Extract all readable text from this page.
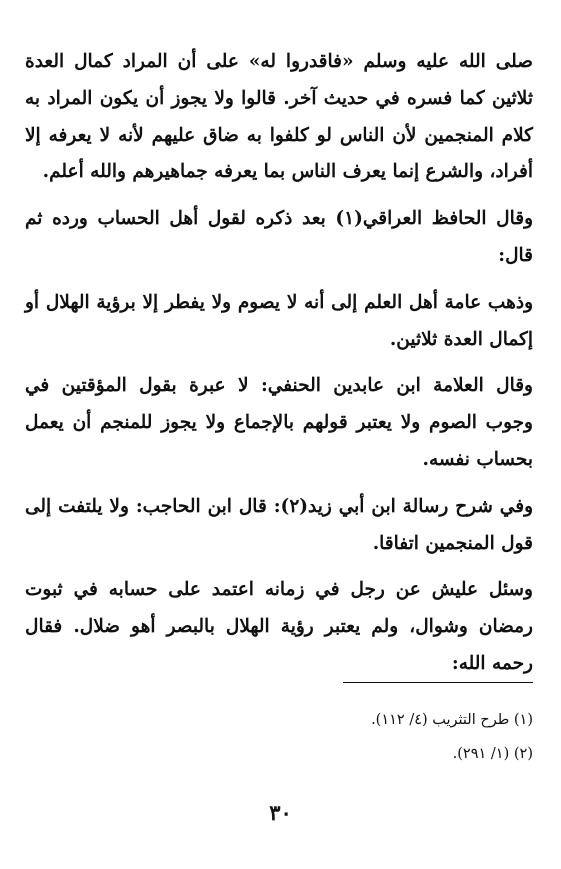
صلى الله عليه وسلم «فاقدروا له» على أن المراد كمال العدة ثلاثين كما فسره في حديث آخر. قالوا ولا يجوز أن يكون المراد به كلام المنجمين لأن الناس لو كلفوا به ضاق عليهم لأنه لا يعرفه إلا أفراد، والشرع إنما يعرف الناس بما يعرفه جماهيرهم والله أعلم.

وقال الحافظ العراقي(١) بعد ذكره لقول أهل الحساب ورده ثم قال:

وذهب عامة أهل العلم إلى أنه لا يصوم ولا يفطر إلا برؤية الهلال أو إكمال العدة ثلاثين.

وقال العلامة ابن عابدين الحنفي: لا عبرة بقول المؤقتين في وجوب الصوم ولا يعتبر قولهم بالإجماع ولا يجوز للمنجم أن يعمل بحساب نفسه.

وفي شرح رسالة ابن أبي زيد(٢): قال ابن الحاجب: ولا يلتفت إلى قول المنجمين اتفاقا.

وسئل عليش عن رجل في زمانه اعتمد على حسابه في ثبوت رمضان وشوال، ولم يعتبر رؤية الهلال بالبصر أهو ضلال. فقال رحمه الله:

(١) طرح التثريب (٤/ ١١٢).

(٢) (١/ ٢٩١).

٣٠
